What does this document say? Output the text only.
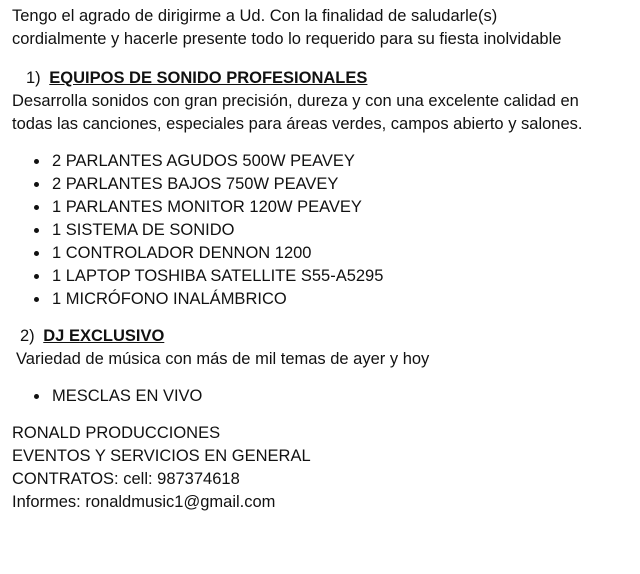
Tengo el agrado de dirigirme a Ud. Con la finalidad de saludarle(s)

cordialmente y hacerle presente todo lo requerido para su fiesta inolvidable

1) EQUIPOS DE SONIDO PROFESIONALES

Desarrolla sonidos con gran precisión, dureza y con una excelente calidad en

todas las canciones, especiales para áreas verdes, campos abierto y salones.

2 PARLANTES AGUDOS 500W PEAVEY
2 PARLANTES BAJOS 750W PEAVEY
1 PARLANTES MONITOR 120W PEAVEY
1 SISTEMA DE SONIDO
1 CONTROLADOR DENNON 1200
1 LAPTOP TOSHIBA SATELLITE S55-A5295
1 MICRÓFONO INALÁMBRICO

2) DJ EXCLUSIVO

Variedad de música con más de mil temas de ayer y hoy

MESCLAS EN VIVO

RONALD PRODUCCIONES

EVENTOS Y SERVICIOS EN GENERAL

CONTRATOS: cell: 987374618

Informes: ronaldmusic1@gmail.com
